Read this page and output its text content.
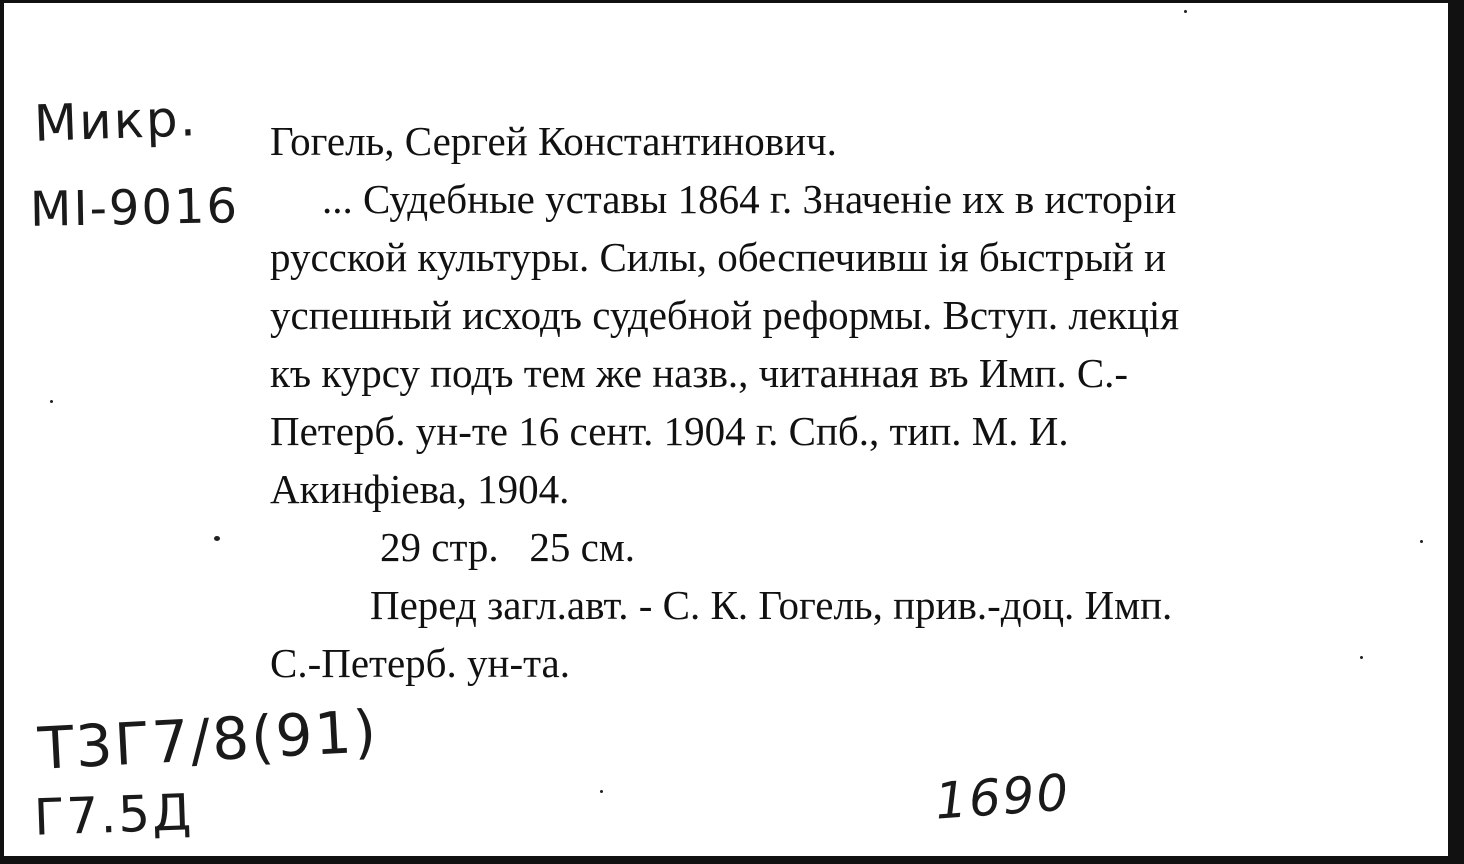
Микр.
MI-9016
Гогель, Сергей Константинович.
... Судебные уставы 1864 г. Значеніе их в исторіи
русской культуры. Силы, обеспечивш ія быстрый и
успешный исходъ судебной реформы. Вступ. лекція
къ курсу подъ тем же назв., читанная въ Имп. С.-
Петерб. ун-те 16 сент. 1904 г. Спб., тип. М. И.
Акинфіева, 1904.
29 стр.   25 см.
Перед загл.авт. - С. К. Гогель, прив.-доц. Имп.
С.-Петерб. ун-та.
T3Г7/8(91)
Г7.5Д	1690
